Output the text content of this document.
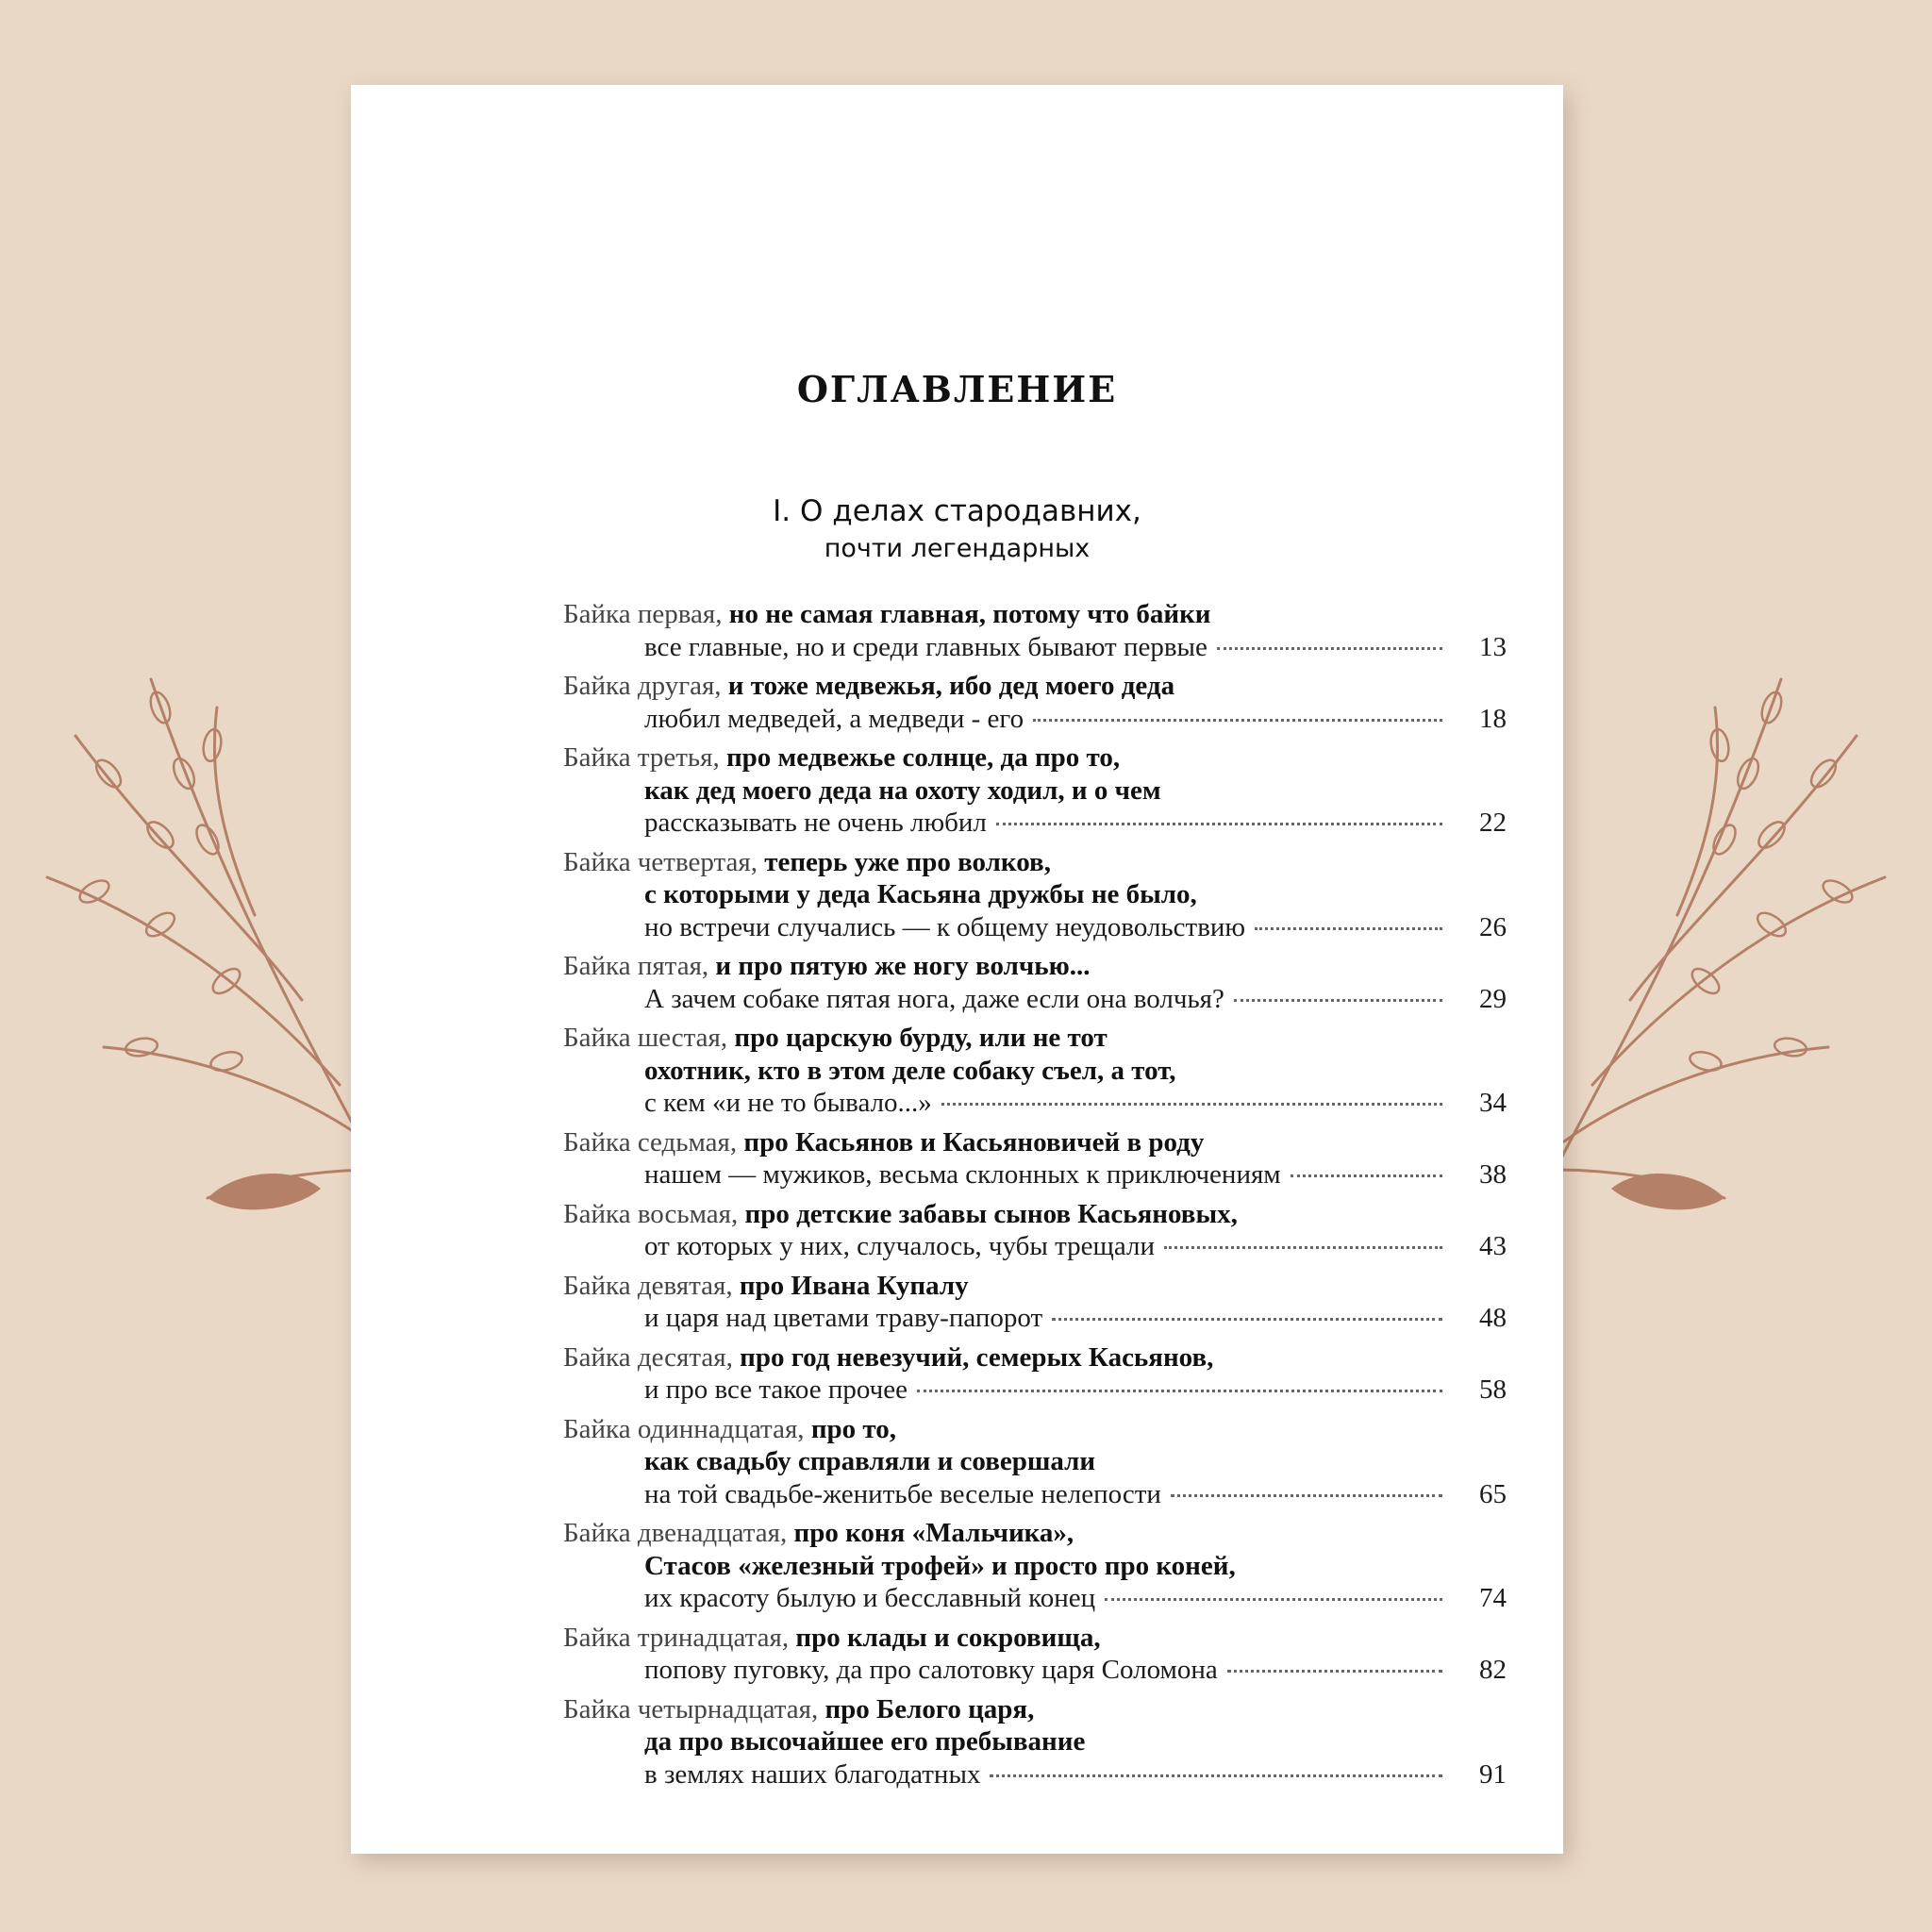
ОГЛАВЛЕНИЕ
I. О делах стародавних,
почти легендарных
Байка первая, но не самая главная, потому что байки
все главные, но и среди главных бывают первые	13
Байка другая, и тоже медвежья, ибо дед моего деда
любил медведей, а медведи - его	18
Байка третья, про медвежье солнце, да про то,
как дед моего деда на охоту ходил, и о чем
рассказывать не очень любил	22
Байка четвертая, теперь уже про волков,
с которыми у деда Касьяна дружбы не было,
но встречи случались — к общему неудовольствию	26
Байка пятая, и про пятую же ногу волчью...
А зачем собаке пятая нога, даже если она волчья?	29
Байка шестая, про царскую бурду, или не тот
охотник, кто в этом деле собаку съел, а тот,
с кем «и не то бывало...»	34
Байка седьмая, про Касьянов и Касьяновичей в роду
нашем — мужиков, весьма склонных к приключениям	38
Байка восьмая, про детские забавы сынов Касьяновых,
от которых у них, случалось, чубы трещали	43
Байка девятая, про Ивана Купалу
и царя над цветами траву-папорот	48
Байка десятая, про год невезучий, семерых Касьянов,
и про все такое прочее	58
Байка одиннадцатая, про то,
как свадьбу справляли и совершали
на той свадьбе-женитьбе веселые нелепости	65
Байка двенадцатая, про коня «Мальчика»,
Стасов «железный трофей» и просто про коней,
их красоту былую и бесславный конец	74
Байка тринадцатая, про клады и сокровища,
попову пуговку, да про салотовку царя Соломона	82
Байка четырнадцатая, про Белого царя,
да про высочайшее его пребывание
в землях наших благодатных	91
